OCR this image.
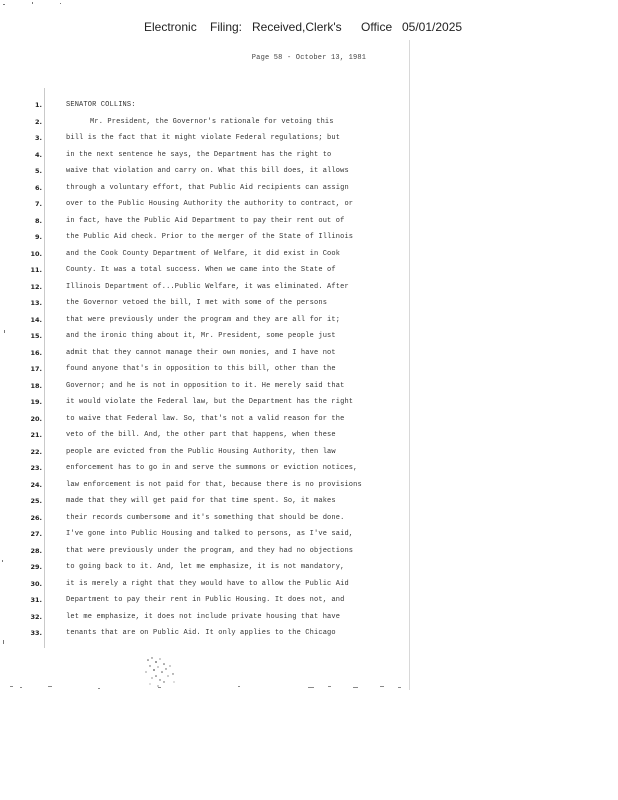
Electronic Filing: Received,Clerk's Office 05/01/2025
Page 58 - October 13, 1981
1.	SENATOR COLLINS:
2.	Mr. President, the Governor's rationale for vetoing this
3.	bill is the fact that it might violate Federal regulations; but
4.	in the next sentence he says, the Department has the right to
5.	waive that violation and carry on. What this bill does, it allows
6.	through a voluntary effort, that Public Aid recipients can assign
7.	over to the Public Housing Authority the authority to contract, or
8.	in fact, have the Public Aid Department to pay their rent out of
9.	the Public Aid check. Prior to the merger of the State of Illinois
10.	and the Cook County Department of Welfare, it did exist in Cook
11.	County. It was a total success. When we came into the State of
12.	Illinois Department of...Public Welfare, it was eliminated. After
13.	the Governor vetoed the bill, I met with some of the persons
14.	that were previously under the program and they are all for it;
15.	and the ironic thing about it, Mr. President, some people just
16.	admit that they cannot manage their own monies, and I have not
17.	found anyone that's in opposition to this bill, other than the
18.	Governor; and he is not in opposition to it. He merely said that
19.	it would violate the Federal law, but the Department has the right
20.	to waive that Federal law. So, that's not a valid reason for the
21.	veto of the bill. And, the other part that happens, when these
22.	people are evicted from the Public Housing Authority, then law
23.	enforcement has to go in and serve the summons or eviction notices,
24.	law enforcement is not paid for that, because there is no provisions
25.	made that they will get paid for that time spent. So, it makes
26.	their records cumbersome and it's something that should be done.
27.	I've gone into Public Housing and talked to persons, as I've said,
28.	that were previously under the program, and they had no objections
29.	to going back to it. And, let me emphasize, it is not mandatory,
30.	it is merely a right that they would have to allow the Public Aid
31.	Department to pay their rent in Public Housing. It does not, and
32.	let me emphasize, it does not include private housing that have
33.	tenants that are on Public Aid. It only applies to the Chicago
